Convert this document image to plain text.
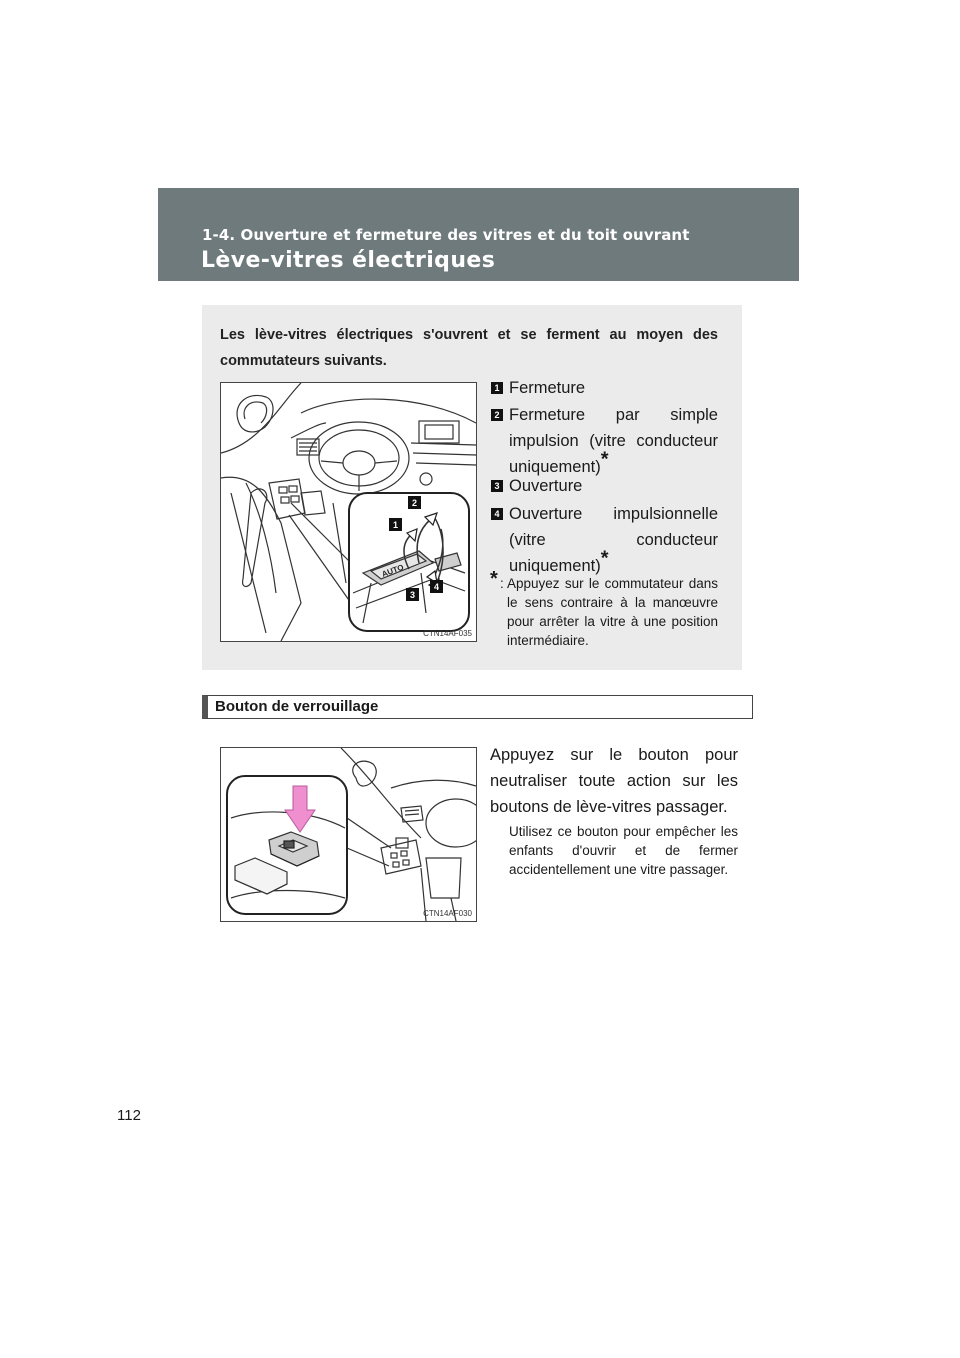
1-4. Ouverture et fermeture des vitres et du toit ouvrant
Lève-vitres électriques
Les lève-vitres électriques s'ouvrent et se ferment au moyen des commutateurs suivants.
AUTO
2
1
4
3
CTN14AF035
1 Fermeture
2 Fermeture par simple impulsion (vitre conducteur uniquement)*
3 Ouverture
4 Ouverture impulsionnelle (vitre conducteur uniquement)*
* : Appuyez sur le commutateur dans le sens contraire à la manœuvre pour arrêter la vitre à une position intermédiaire.
Bouton de verrouillage
CTN14AF030
Appuyez sur le bouton pour neutraliser toute action sur les boutons de lève-vitres passager.
Utilisez ce bouton pour empêcher les enfants d'ouvrir et de fermer accidentellement une vitre passager.
112
